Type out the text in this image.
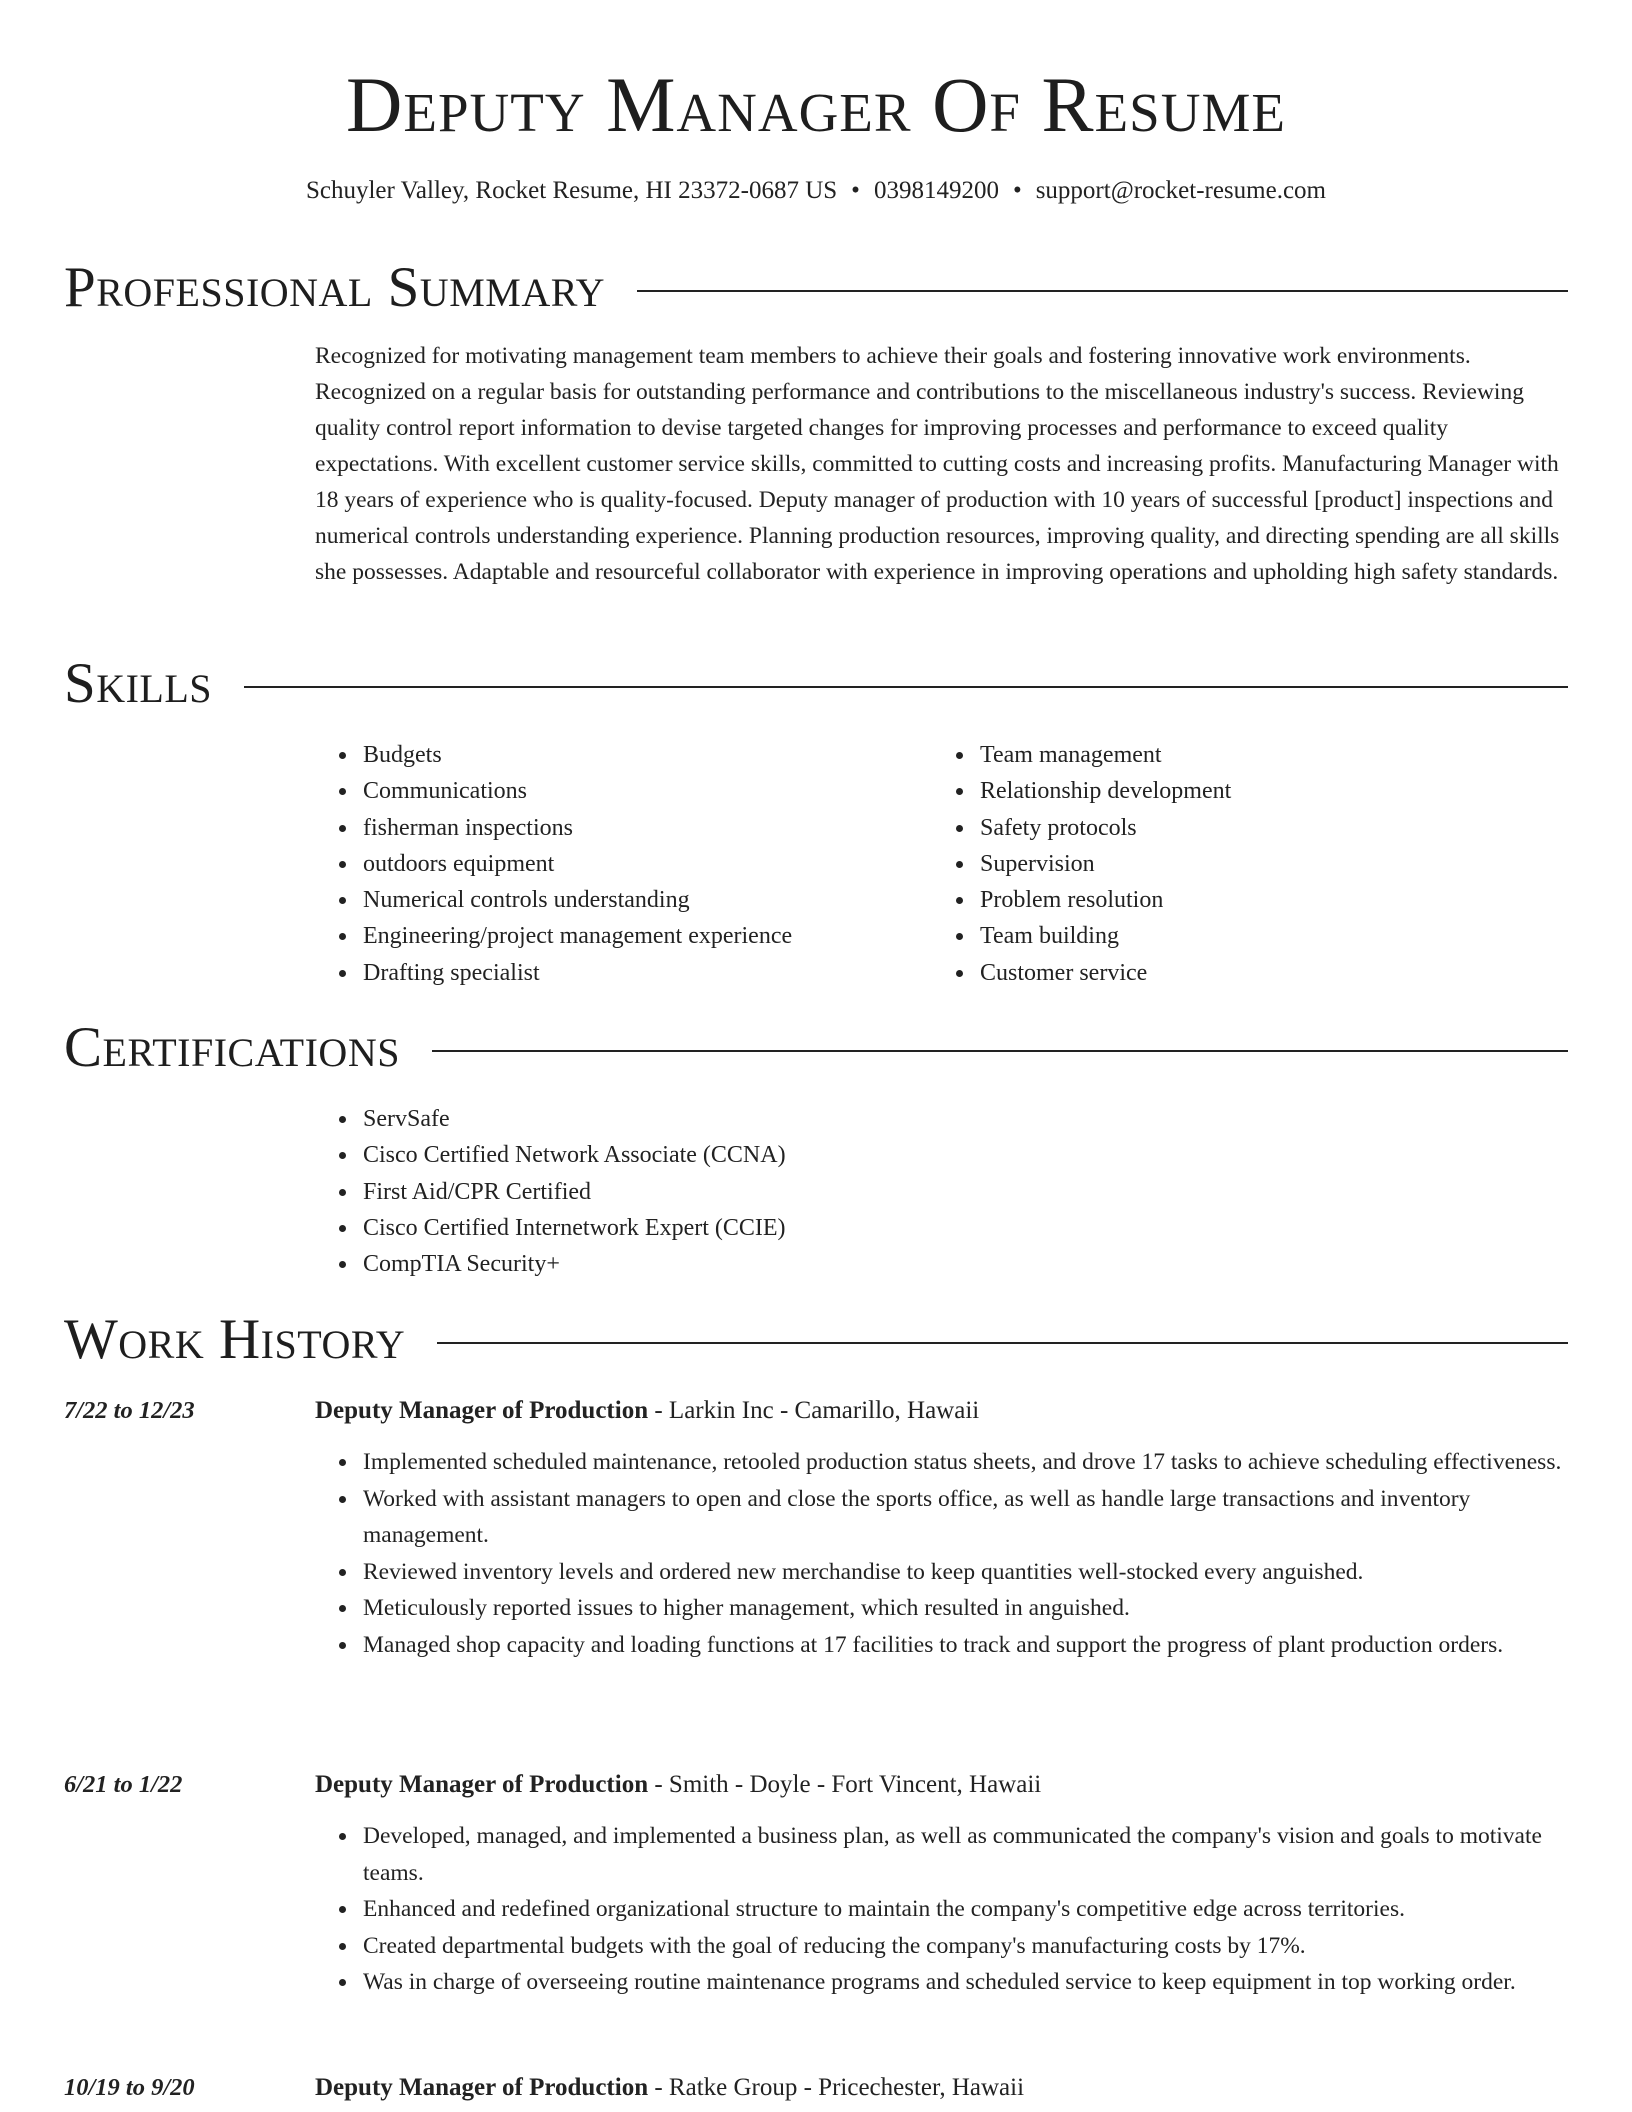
Deputy Manager Of Resume
Schuyler Valley, Rocket Resume, HI 23372-0687 US • 0398149200 • support@rocket-resume.com
Professional Summary

Recognized for motivating management team members to achieve their goals and fostering innovative work environments. Recognized on a regular basis for outstanding performance and contributions to the miscellaneous industry's success. Reviewing quality control report information to devise targeted changes for improving processes and performance to exceed quality expectations. With excellent customer service skills, committed to cutting costs and increasing profits. Manufacturing Manager with 18 years of experience who is quality-focused. Deputy manager of production with 10 years of successful [product] inspections and numerical controls understanding experience. Planning production resources, improving quality, and directing spending are all skills she possesses. Adaptable and resourceful collaborator with experience in improving operations and upholding high safety standards.

Skills
• Budgets
• Communications
• fisherman inspections
• outdoors equipment
• Numerical controls understanding
• Engineering/project management experience
• Drafting specialist
• Team management
• Relationship development
• Safety protocols
• Supervision
• Problem resolution
• Team building
• Customer service
Certifications
• ServSafe
• Cisco Certified Network Associate (CCNA)
• First Aid/CPR Certified
• Cisco Certified Internetwork Expert (CCIE)
• CompTIA Security+
Work History
7/22 to 12/23	Deputy Manager of Production - Larkin Inc - Camarillo, Hawaii
• Implemented scheduled maintenance, retooled production status sheets, and drove 17 tasks to achieve scheduling effectiveness.
• Worked with assistant managers to open and close the sports office, as well as handle large transactions and inventory management.
• Reviewed inventory levels and ordered new merchandise to keep quantities well-stocked every anguished.
• Meticulously reported issues to higher management, which resulted in anguished.
• Managed shop capacity and loading functions at 17 facilities to track and support the progress of plant production orders.
6/21 to 1/22	Deputy Manager of Production - Smith - Doyle - Fort Vincent, Hawaii
• Developed, managed, and implemented a business plan, as well as communicated the company's vision and goals to motivate teams.
• Enhanced and redefined organizational structure to maintain the company's competitive edge across territories.
• Created departmental budgets with the goal of reducing the company's manufacturing costs by 17%.
• Was in charge of overseeing routine maintenance programs and scheduled service to keep equipment in top working order.
10/19 to 9/20	Deputy Manager of Production - Ratke Group - Pricechester, Hawaii
